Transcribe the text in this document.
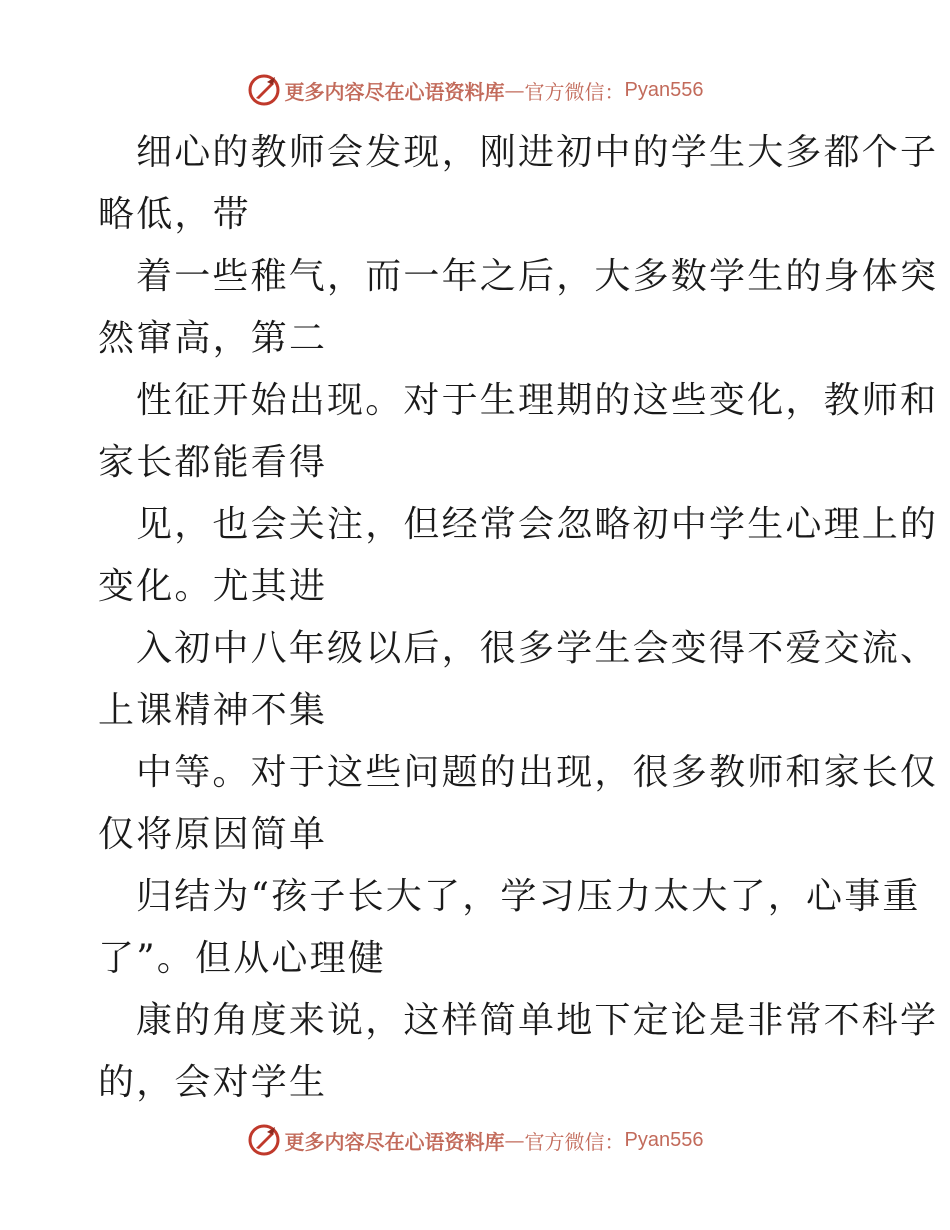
更多内容尽在心语资料库 — 官方微信： Pyan556
细心的教师会发现，刚进初中的学生大多都个子
略低，带
着一些稚气，而一年之后，大多数学生的身体突
然窜高，第二
性征开始出现。对于生理期的这些变化，教师和
家长都能看得
见，也会关注，但经常会忽略初中学生心理上的
变化。尤其进
入初中八年级以后，很多学生会变得不爱交流、
上课精神不集
中等。对于这些问题的出现，很多教师和家长仅
仅将原因简单
归结为“孩子长大了，学习压力太大了，心事重
了”。但从心理健
康的角度来说，这样简单地下定论是非常不科学
的，会对学生
更多内容尽在心语资料库 — 官方微信： Pyan556
